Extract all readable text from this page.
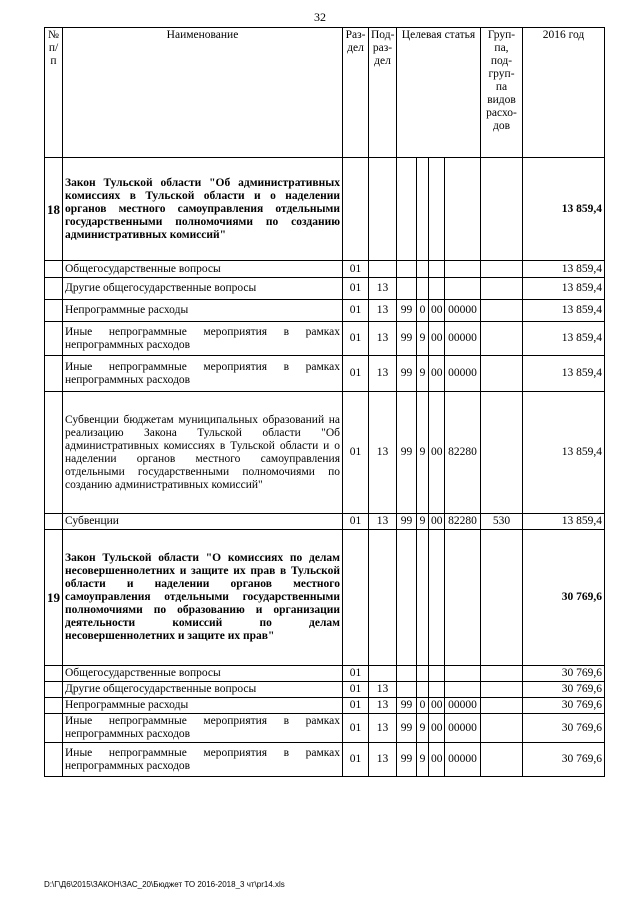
32
№ п/ п	Наименование	Раз-дел	Под-раз-дел	Целевая статья				Груп-па, под-груп-па видов расхо-дов	2016 год
18	Закон Тульской области "Об административных комиссиях в Тульской области и о наделении органов местного самоуправления отдельными государственными полномочиями по созданию административных комиссий"								13 859,4
	Общегосударственные вопросы	01							13 859,4
	Другие общегосударственные вопросы	01	13						13 859,4
	Непрограммные расходы	01	13	99	0	00	00000		13 859,4
	Иные непрограммные мероприятия в рамках непрограммных расходов	01	13	99	9	00	00000		13 859,4
	Иные непрограммные мероприятия в рамках непрограммных расходов	01	13	99	9	00	00000		13 859,4
	Субвенции бюджетам муниципальных образований на реализацию Закона Тульской области "Об административных комиссиях в Тульской области и о наделении органов местного самоуправления отдельными государственными полномочиями по созданию административных комиссий"	01	13	99	9	00	82280		13 859,4
	Субвенции	01	13	99	9	00	82280	530	13 859,4
19	Закон Тульской области "О комиссиях по делам несовершеннолетних и защите их прав в Тульской области и наделении органов местного самоуправления отдельными государственными полномочиями по образованию и организации деятельности комиссий по делам несовершеннолетних и защите их прав"								30 769,6
	Общегосударственные вопросы	01							30 769,6
	Другие общегосударственные вопросы	01	13						30 769,6
	Непрограммные расходы	01	13	99	0	00	00000		30 769,6
	Иные непрограммные мероприятия в рамках непрограммных расходов	01	13	99	9	00	00000		30 769,6
	Иные непрограммные мероприятия в рамках непрограммных расходов	01	13	99	9	00	00000		30 769,6
D:\Г\Д6\2015\ЗАКОН\ЗАС_20\Бюджет ТО 2016-2018_3 чт\pr14.xls
